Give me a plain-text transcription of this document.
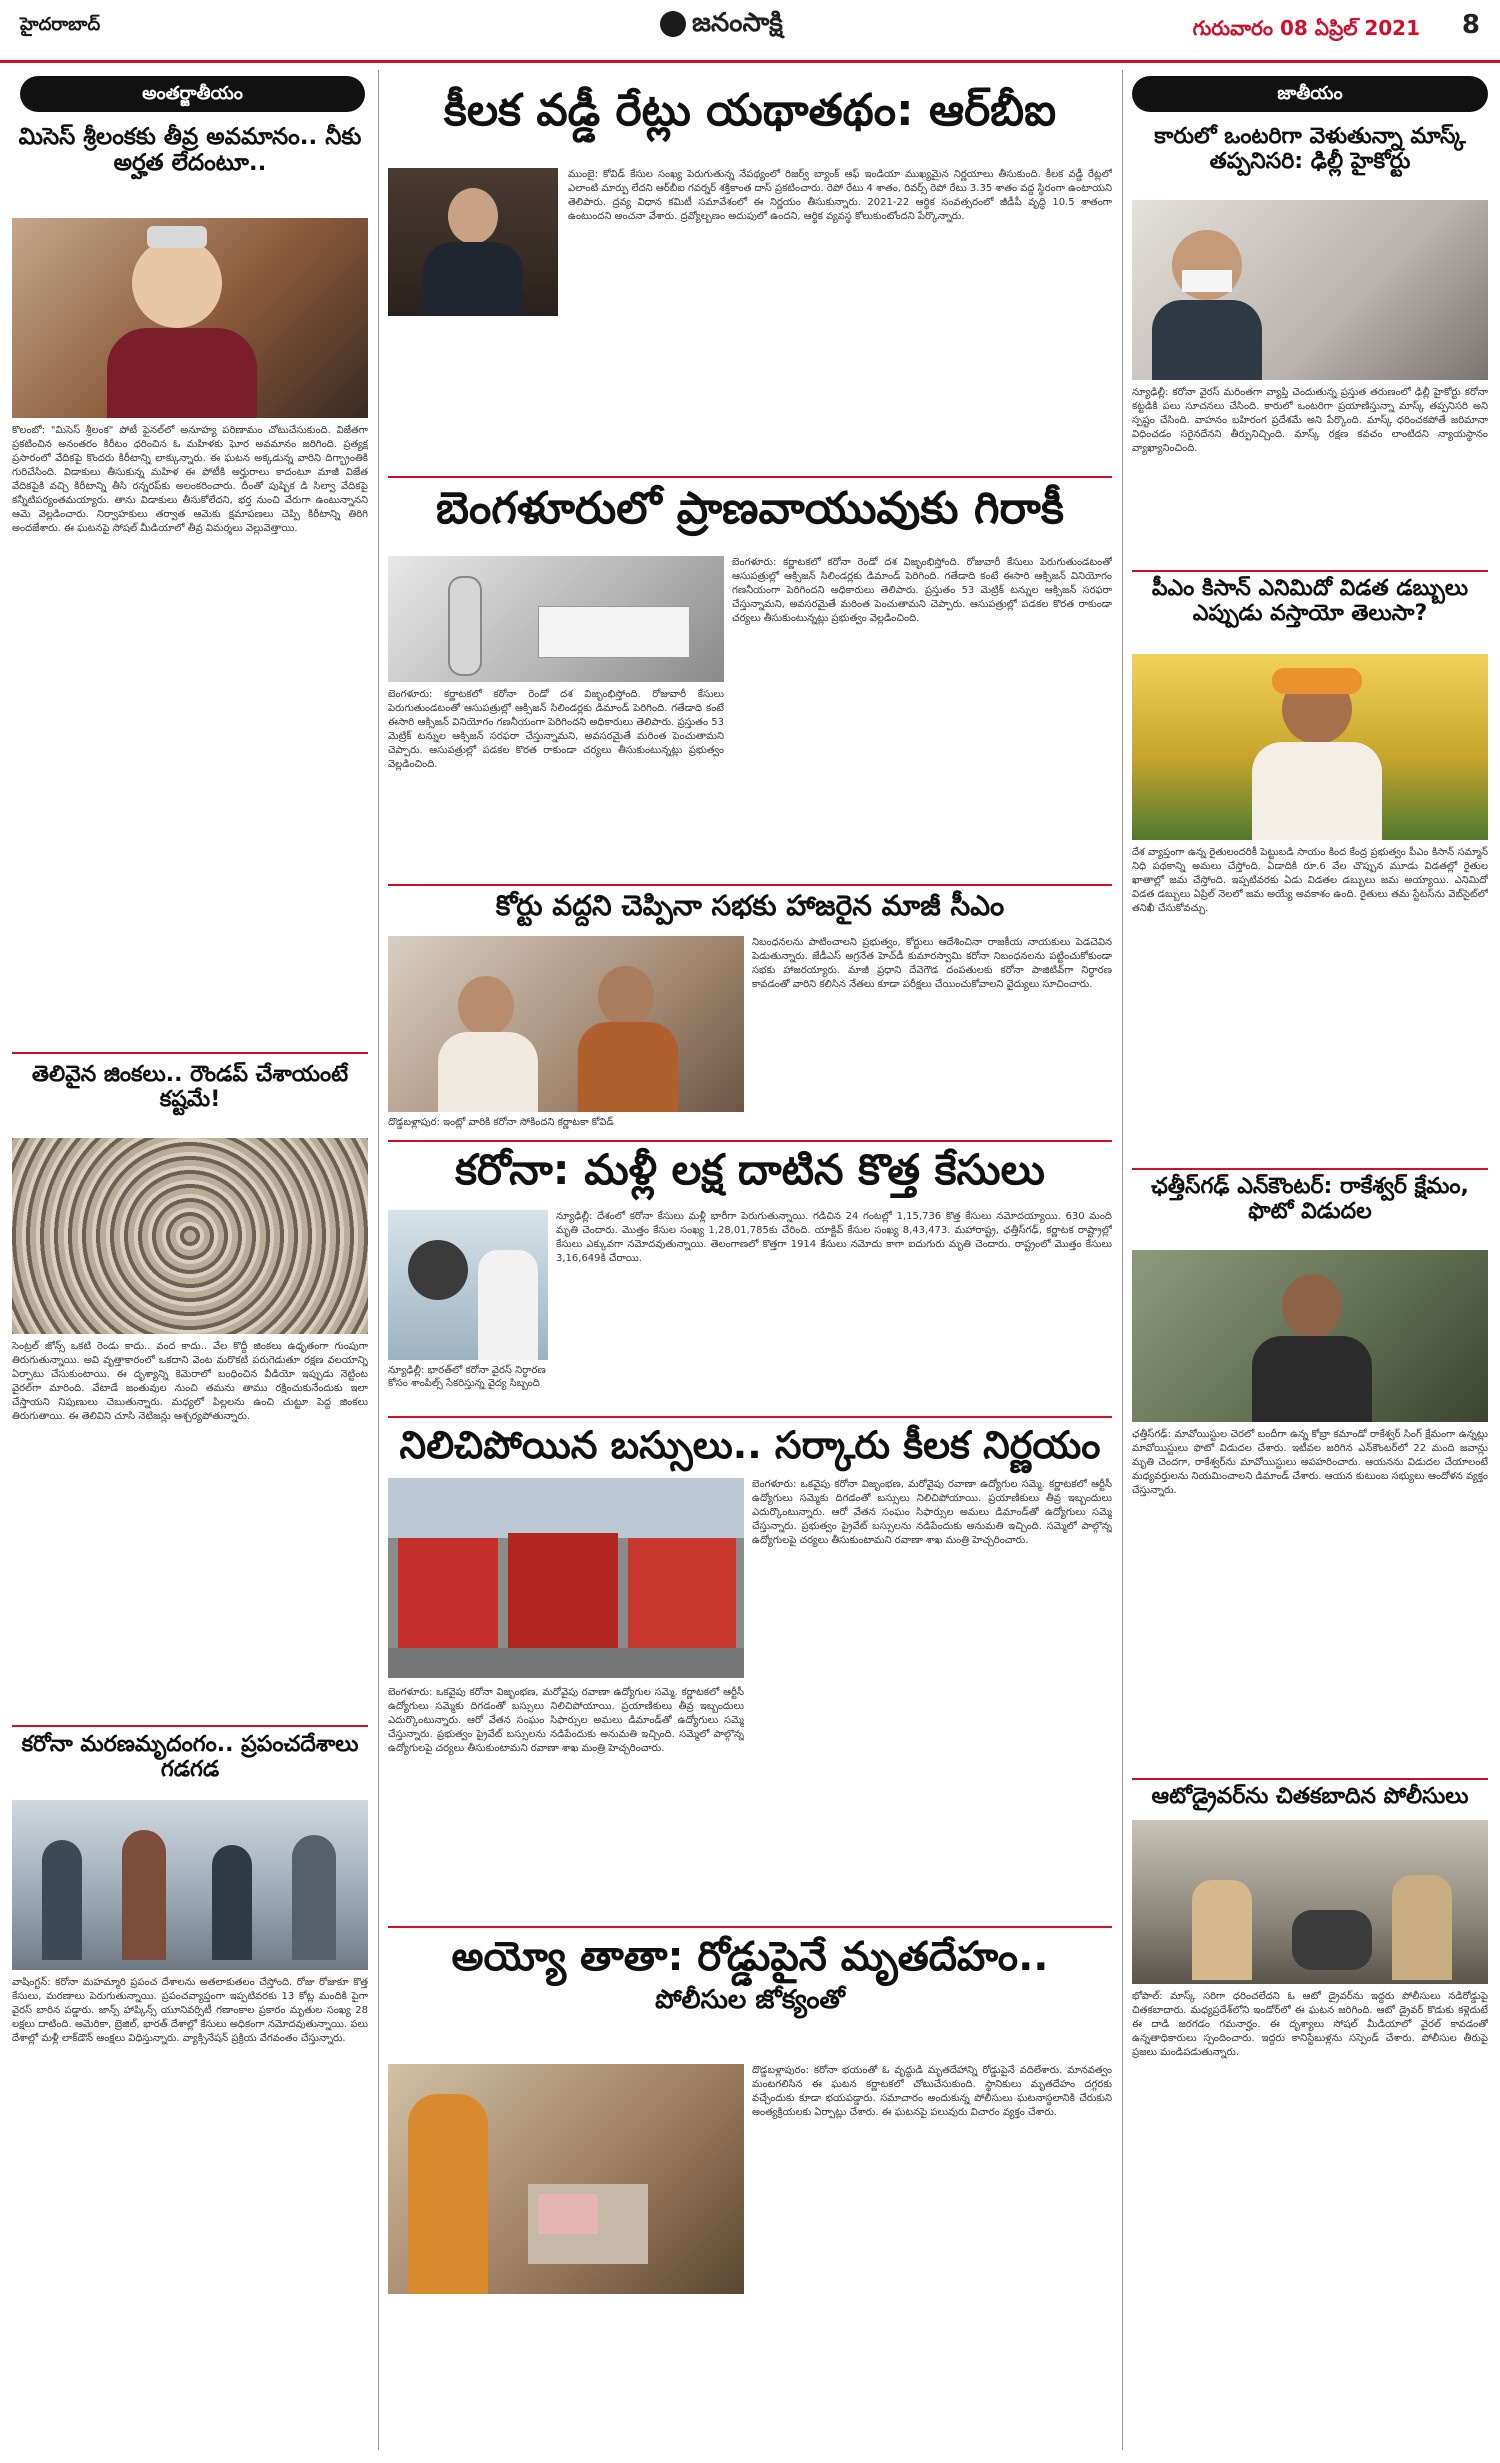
హైదరాబాద్	జనంసాక్షి	గురువారం 08 ఏప్రిల్ 2021 8
అంతర్జాతీయం
మిసెస్ శ్రీలంకకు తీవ్ర అవమానం.. నీకు అర్హత లేదంటూ..
కొలంబో: "మిసెస్ శ్రీలంక" పోటీ ఫైనల్‌లో అనూహ్య పరిణామం చోటుచేసుకుంది. విజేతగా ప్రకటించిన అనంతరం కిరీటం ధరించిన ఓ మహిళకు ఘోర అవమానం జరిగింది. ప్రత్యక్ష ప్రసారంలో వేదికపై కొందరు కిరీటాన్ని లాక్కున్నారు. ఈ ఘటన అక్కడున్న వారిని దిగ్భ్రాంతికి గురిచేసింది. విడాకులు తీసుకున్న మహిళ ఈ పోటీకి అర్హురాలు కాదంటూ మాజీ విజేత వేదికపైకి వచ్చి కిరీటాన్ని తీసి రన్నరప్‌కు అలంకరించారు. దీంతో పుష్పిక డి సిల్వా వేదికపై కన్నీటిపర్యంతమయ్యారు. తాను విడాకులు తీసుకోలేదని, భర్త నుంచి వేరుగా ఉంటున్నానని ఆమె వెల్లడించారు. నిర్వాహకులు తర్వాత ఆమెకు క్షమాపణలు చెప్పి కిరీటాన్ని తిరిగి అందజేశారు. ఈ ఘటనపై సోషల్ మీడియాలో తీవ్ర విమర్శలు వెల్లువెత్తాయి.
తెలివైన జింకలు.. రౌండప్ చేశాయంటే కష్టమే!
సెంట్రల్ జోన్స్ ఒకటి రెండు కాదు.. వంద కాదు.. వేల కొద్దీ జింకలు ఉధృతంగా గుంపుగా తిరుగుతున్నాయి. అవి వృత్తాకారంలో ఒకదాని వెంట మరొకటి పరుగెడుతూ రక్షణ వలయాన్ని ఏర్పాటు చేసుకుంటాయి. ఈ దృశ్యాన్ని కెమెరాలో బంధించిన వీడియో ఇప్పుడు నెట్టింట వైరల్‌గా మారింది. వేటాడే జంతువుల నుంచి తమను తాము రక్షించుకునేందుకు ఇలా చేస్తాయని నిపుణులు చెబుతున్నారు. మధ్యలో పిల్లలను ఉంచి చుట్టూ పెద్ద జింకలు తిరుగుతాయి. ఈ తెలివిని చూసి నెటిజన్లు ఆశ్చర్యపోతున్నారు.
కరోనా మరణమృదంగం.. ప్రపంచదేశాలు గడగడ
వాషింగ్టన్: కరోనా మహమ్మారి ప్రపంచ దేశాలను అతలాకుతలం చేస్తోంది. రోజు రోజుకూ కొత్త కేసులు, మరణాలు పెరుగుతున్నాయి. ప్రపంచవ్యాప్తంగా ఇప్పటివరకు 13 కోట్ల మందికి పైగా వైరస్ బారిన పడ్డారు. జాన్స్ హాప్కిన్స్ యూనివర్సిటీ గణాంకాల ప్రకారం మృతుల సంఖ్య 28 లక్షలు దాటింది. అమెరికా, బ్రెజిల్, భారత్ దేశాల్లో కేసులు అధికంగా నమోదవుతున్నాయి. పలు దేశాల్లో మళ్లీ లాక్‌డౌన్ ఆంక్షలు విధిస్తున్నారు. వ్యాక్సినేషన్ ప్రక్రియ వేగవంతం చేస్తున్నారు.
కీలక వడ్డీ రేట్లు యథాతథం: ఆర్‌బీఐ
ముంబై: కోవిడ్ కేసుల సంఖ్య పెరుగుతున్న నేపథ్యంలో రిజర్వ్ బ్యాంక్ ఆఫ్ ఇండియా ముఖ్యమైన నిర్ణయాలు తీసుకుంది. కీలక వడ్డీ రేట్లలో ఎలాంటి మార్పు లేదని ఆర్‌బీఐ గవర్నర్ శక్తికాంత దాస్ ప్రకటించారు. రెపో రేటు 4 శాతం, రివర్స్ రెపో రేటు 3.35 శాతం వద్ద స్థిరంగా ఉంటాయని తెలిపారు. ద్రవ్య విధాన కమిటీ సమావేశంలో ఈ నిర్ణయం తీసుకున్నారు. 2021-22 ఆర్థిక సంవత్సరంలో జీడీపీ వృద్ధి 10.5 శాతంగా ఉంటుందని అంచనా వేశారు. ద్రవ్యోల్బణం అదుపులో ఉందని, ఆర్థిక వ్యవస్థ కోలుకుంటోందని పేర్కొన్నారు.
బెంగళూరులో ప్రాణవాయువుకు గిరాకీ
బెంగళూరు: కర్ణాటకలో కరోనా రెండో దశ విజృంభిస్తోంది. రోజువారీ కేసులు పెరుగుతుండటంతో ఆసుపత్రుల్లో ఆక్సిజన్ సిలిండర్లకు డిమాండ్ పెరిగింది. గతేడాది కంటే ఈసారి ఆక్సిజన్ వినియోగం గణనీయంగా పెరిగిందని అధికారులు తెలిపారు. ప్రస్తుతం 53 మెట్రిక్ టన్నుల ఆక్సిజన్ సరఫరా చేస్తున్నామని, అవసరమైతే మరింత పెంచుతామని చెప్పారు. ఆసుపత్రుల్లో పడకల కొరత రాకుండా చర్యలు తీసుకుంటున్నట్లు ప్రభుత్వం వెల్లడించింది.
బెంగళూరు: కర్ణాటకలో కరోనా రెండో దశ విజృంభిస్తోంది. రోజువారీ కేసులు పెరుగుతుండటంతో ఆసుపత్రుల్లో ఆక్సిజన్ సిలిండర్లకు డిమాండ్ పెరిగింది. గతేడాది కంటే ఈసారి ఆక్సిజన్ వినియోగం గణనీయంగా పెరిగిందని అధికారులు తెలిపారు. ప్రస్తుతం 53 మెట్రిక్ టన్నుల ఆక్సిజన్ సరఫరా చేస్తున్నామని, అవసరమైతే మరింత పెంచుతామని చెప్పారు. ఆసుపత్రుల్లో పడకల కొరత రాకుండా చర్యలు తీసుకుంటున్నట్లు ప్రభుత్వం వెల్లడించింది.
కోర్టు వద్దని చెప్పినా సభకు హాజరైన మాజీ సీఎం
దొడ్డబళ్లాపుర: ఇంట్లో వారికి కరోనా సోకిందని కర్ణాటకా కోవిడ్
నిబంధనలను పాటించాలని ప్రభుత్వం, కోర్టులు ఆదేశించినా రాజకీయ నాయకులు పెడచెవిన పెడుతున్నారు. జేడీఎస్ అగ్రనేత హెచ్‌డీ కుమారస్వామి కరోనా నిబంధనలను పట్టించుకోకుండా సభకు హాజరయ్యారు. మాజీ ప్రధాని దేవెగౌడ దంపతులకు కరోనా పాజిటివ్‌గా నిర్ధారణ కావడంతో వారిని కలిసిన నేతలు కూడా పరీక్షలు చేయించుకోవాలని వైద్యులు సూచించారు.
కరోనా: మళ్లీ లక్ష దాటిన కొత్త కేసులు
న్యూఢిల్లీ: భారత్‌లో కరోనా వైరస్ నిర్ధారణ కోసం శాంపిల్స్ సేకరిస్తున్న వైద్య సిబ్బంది
న్యూఢిల్లీ: దేశంలో కరోనా కేసులు మళ్లీ భారీగా పెరుగుతున్నాయి. గడిచిన 24 గంటల్లో 1,15,736 కొత్త కేసులు నమోదయ్యాయి. 630 మంది మృతి చెందారు. మొత్తం కేసుల సంఖ్య 1,28,01,785కు చేరింది. యాక్టివ్ కేసుల సంఖ్య 8,43,473. మహారాష్ట్ర, ఛత్తీస్‌గఢ్, కర్ణాటక రాష్ట్రాల్లో కేసులు ఎక్కువగా నమోదవుతున్నాయి. తెలంగాణలో కొత్తగా 1914 కేసులు నమోదు కాగా ఐదుగురు మృతి చెందారు. రాష్ట్రంలో మొత్తం కేసులు 3,16,649కి చేరాయి.
నిలిచిపోయిన బస్సులు.. సర్కారు కీలక నిర్ణయం
బెంగళూరు: ఒకవైపు కరోనా విజృంభణ, మరోవైపు రవాణా ఉద్యోగుల సమ్మె. కర్ణాటకలో ఆర్టీసీ ఉద్యోగులు సమ్మెకు దిగడంతో బస్సులు నిలిచిపోయాయి. ప్రయాణికులు తీవ్ర ఇబ్బందులు ఎదుర్కొంటున్నారు. ఆరో వేతన సంఘం సిఫార్సుల అమలు డిమాండ్‌తో ఉద్యోగులు సమ్మె చేస్తున్నారు. ప్రభుత్వం ప్రైవేట్ బస్సులను నడిపేందుకు అనుమతి ఇచ్చింది. సమ్మెలో పాల్గొన్న ఉద్యోగులపై చర్యలు తీసుకుంటామని రవాణా శాఖ మంత్రి హెచ్చరించారు.
బెంగళూరు: ఒకవైపు కరోనా విజృంభణ, మరోవైపు రవాణా ఉద్యోగుల సమ్మె. కర్ణాటకలో ఆర్టీసీ ఉద్యోగులు సమ్మెకు దిగడంతో బస్సులు నిలిచిపోయాయి. ప్రయాణికులు తీవ్ర ఇబ్బందులు ఎదుర్కొంటున్నారు. ఆరో వేతన సంఘం సిఫార్సుల అమలు డిమాండ్‌తో ఉద్యోగులు సమ్మె చేస్తున్నారు. ప్రభుత్వం ప్రైవేట్ బస్సులను నడిపేందుకు అనుమతి ఇచ్చింది. సమ్మెలో పాల్గొన్న ఉద్యోగులపై చర్యలు తీసుకుంటామని రవాణా శాఖ మంత్రి హెచ్చరించారు.
అయ్యో తాతా: రోడ్డుపైనే మృతదేహం..
పోలీసుల జోక్యంతో
దొడ్డబళ్లాపురం: కరోనా భయంతో ఓ వృద్ధుడి మృతదేహాన్ని రోడ్డుపైనే వదిలేశారు. మానవత్వం మంటగలిసిన ఈ ఘటన కర్ణాటకలో చోటుచేసుకుంది. స్థానికులు మృతదేహం దగ్గరకు వచ్చేందుకు కూడా భయపడ్డారు. సమాచారం అందుకున్న పోలీసులు ఘటనాస్థలానికి చేరుకుని అంత్యక్రియలకు ఏర్పాట్లు చేశారు. ఈ ఘటనపై పలువురు విచారం వ్యక్తం చేశారు.
జాతీయం
కారులో ఒంటరిగా వెళుతున్నా మాస్క్ తప్పనిసరి: ఢిల్లీ హైకోర్టు
న్యూఢిల్లీ: కరోనా వైరస్ మరింతగా వ్యాప్తి చెందుతున్న ప్రస్తుత తరుణంలో ఢిల్లీ హైకోర్టు కరోనా కట్టడికి పలు సూచనలు చేసింది. కారులో ఒంటరిగా ప్రయాణిస్తున్నా మాస్క్ తప్పనిసరి అని స్పష్టం చేసింది. వాహనం బహిరంగ ప్రదేశమే అని పేర్కొంది. మాస్క్ ధరించకపోతే జరిమానా విధించడం సరైనదేనని తీర్పునిచ్చింది. మాస్క్ రక్షణ కవచం లాంటిదని న్యాయస్థానం వ్యాఖ్యానించింది.
పీఎం కిసాన్ ఎనిమిదో విడత డబ్బులు ఎప్పుడు వస్తాయో తెలుసా?
దేశ వ్యాప్తంగా ఉన్న రైతులందరికీ పెట్టుబడి సాయం కింద కేంద్ర ప్రభుత్వం పీఎం కిసాన్ సమ్మాన్ నిధి పథకాన్ని అమలు చేస్తోంది. ఏడాదికి రూ.6 వేల చొప్పున మూడు విడతల్లో రైతుల ఖాతాల్లో జమ చేస్తోంది. ఇప్పటివరకు ఏడు విడతల డబ్బులు జమ అయ్యాయి. ఎనిమిదో విడత డబ్బులు ఏప్రిల్ నెలలో జమ అయ్యే అవకాశం ఉంది. రైతులు తమ స్టేటస్‌ను వెబ్‌సైట్‌లో తనిఖీ చేసుకోవచ్చు.
ఛత్తీస్‌గఢ్ ఎన్‌కౌంటర్: రాకేశ్వర్ క్షేమం, ఫొటో విడుదల
ఛత్తీస్‌గఢ్: మావోయిస్టుల చెరలో బందీగా ఉన్న కోబ్రా కమాండో రాకేశ్వర్ సింగ్ క్షేమంగా ఉన్నట్లు మావోయిస్టులు ఫొటో విడుదల చేశారు. ఇటీవల జరిగిన ఎన్‌కౌంటర్‌లో 22 మంది జవాన్లు మృతి చెందగా, రాకేశ్వర్‌ను మావోయిస్టులు అపహరించారు. ఆయనను విడుదల చేయాలంటే మధ్యవర్తులను నియమించాలని డిమాండ్ చేశారు. ఆయన కుటుంబ సభ్యులు ఆందోళన వ్యక్తం చేస్తున్నారు.
ఆటోడ్రైవర్‌ను చితకబాదిన పోలీసులు
భోపాల్: మాస్క్ సరిగా ధరించలేదని ఓ ఆటో డ్రైవర్‌ను ఇద్దరు పోలీసులు నడిరోడ్డుపై చితకబాదారు. మధ్యప్రదేశ్‌లోని ఇండోర్‌లో ఈ ఘటన జరిగింది. ఆటో డ్రైవర్ కొడుకు కళ్లెదుటే ఈ దాడి జరగడం గమనార్హం. ఈ దృశ్యాలు సోషల్ మీడియాలో వైరల్ కావడంతో ఉన్నతాధికారులు స్పందించారు. ఇద్దరు కానిస్టేబుళ్లను సస్పెండ్ చేశారు. పోలీసుల తీరుపై ప్రజలు మండిపడుతున్నారు.
